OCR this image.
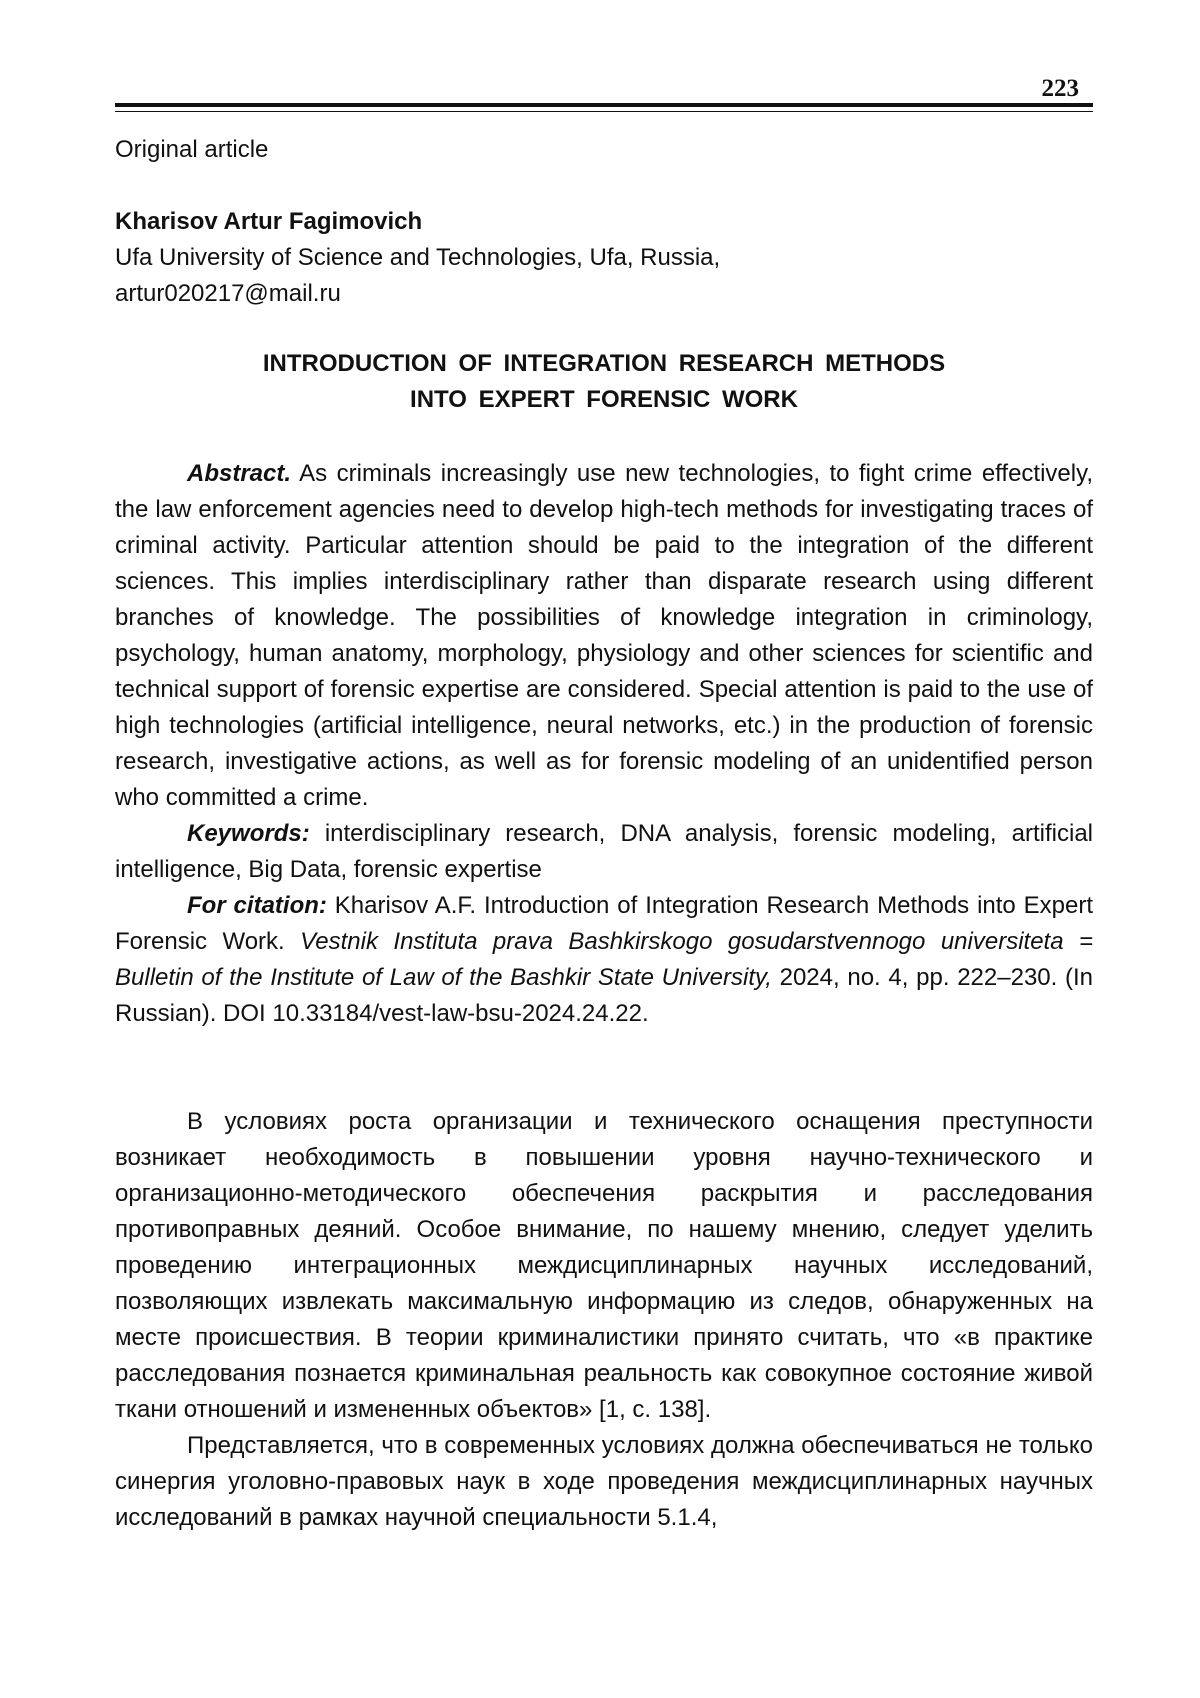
223
Original article
Kharisov Artur Fagimovich
Ufa University of Science and Technologies, Ufa, Russia,
artur020217@mail.ru
INTRODUCTION OF INTEGRATION RESEARCH METHODS
INTO EXPERT FORENSIC WORK

Abstract. As criminals increasingly use new technologies, to fight crime effectively, the law enforcement agencies need to develop high-tech methods for investigating traces of criminal activity. Particular attention should be paid to the integration of the different sciences. This implies interdisciplinary rather than disparate research using different branches of knowledge. The possibilities of knowledge integration in criminology, psychology, human anatomy, morphology, physiology and other sciences for scientific and technical support of forensic expertise are considered. Special attention is paid to the use of high technologies (artificial intelligence, neural networks, etc.) in the production of forensic research, investigative actions, as well as for forensic modeling of an unidentified person who committed a crime.

Keywords: interdisciplinary research, DNA analysis, forensic modeling, artificial intelligence, Big Data, forensic expertise

For citation: Kharisov A.F. Introduction of Integration Research Methods into Expert Forensic Work. Vestnik Instituta prava Bashkirskogo gosudarstvennogo universiteta = Bulletin of the Institute of Law of the Bashkir State University, 2024, no. 4, pp. 222–230. (In Russian). DOI 10.33184/vest-law-bsu-2024.24.22.

В условиях роста организации и технического оснащения преступности возникает необходимость в повышении уровня научно-технического и организационно-методического обеспечения раскрытия и расследования противоправных деяний. Особое внимание, по нашему мнению, следует уделить проведению интеграционных междисциплинарных научных исследований, позволяющих извлекать максимальную информацию из следов, обнаруженных на месте происшествия. В теории криминалистики принято считать, что «в практике расследования познается криминальная реальность как совокупное состояние живой ткани отношений и измененных объектов» [1, с. 138].

Представляется, что в современных условиях должна обеспечиваться не только синергия уголовно-правовых наук в ходе проведения междисциплинарных научных исследований в рамках научной специальности 5.1.4,
